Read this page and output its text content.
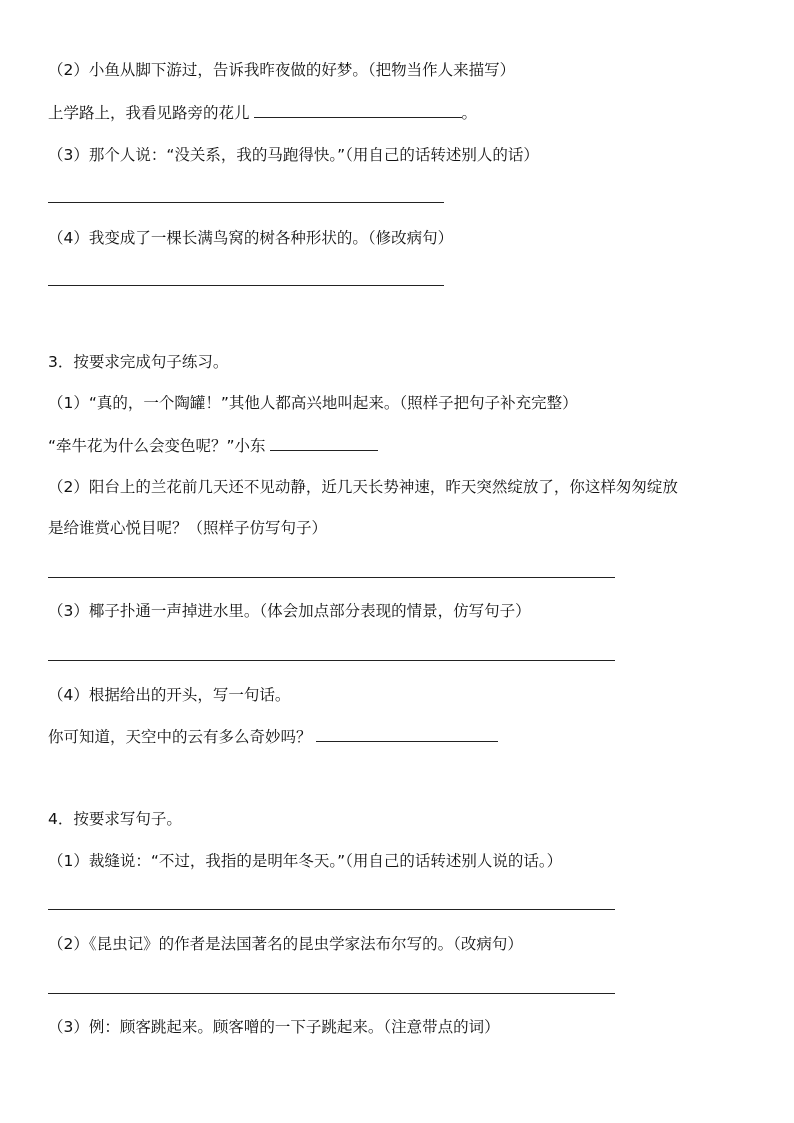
（2）小鱼从脚下游过，告诉我昨夜做的好梦。（把物当作人来描写）
上学路上，我看见路旁的花儿	。
（3）那个人说：“没关系，我的马跑得快。”（用自己的话转述别人的话）
（4）我变成了一棵长满鸟窝的树各种形状的。（修改病句）
3．按要求完成句子练习。
（1）“真的，一个陶罐！”其他人都高兴地叫起来。（照样子把句子补充完整）
“牵牛花为什么会变色呢？”小东
（2）阳台上的兰花前几天还不见动静，近几天长势神速，昨天突然绽放了，你这样匆匆绽放
是给谁赏心悦目呢？（照样子仿写句子）
（3）椰子扑通一声掉进水里。（体会加点部分表现的情景，仿写句子）
（4）根据给出的开头，写一句话。
你可知道，天空中的云有多么奇妙吗？
4．按要求写句子。
（1）裁缝说：“不过，我指的是明年冬天。”（用自己的话转述别人说的话。）
（2）《昆虫记》的作者是法国著名的昆虫学家法布尔写的。（改病句）
（3）例：顾客跳起来。顾客噌的一下子跳起来。（注意带点的词）
